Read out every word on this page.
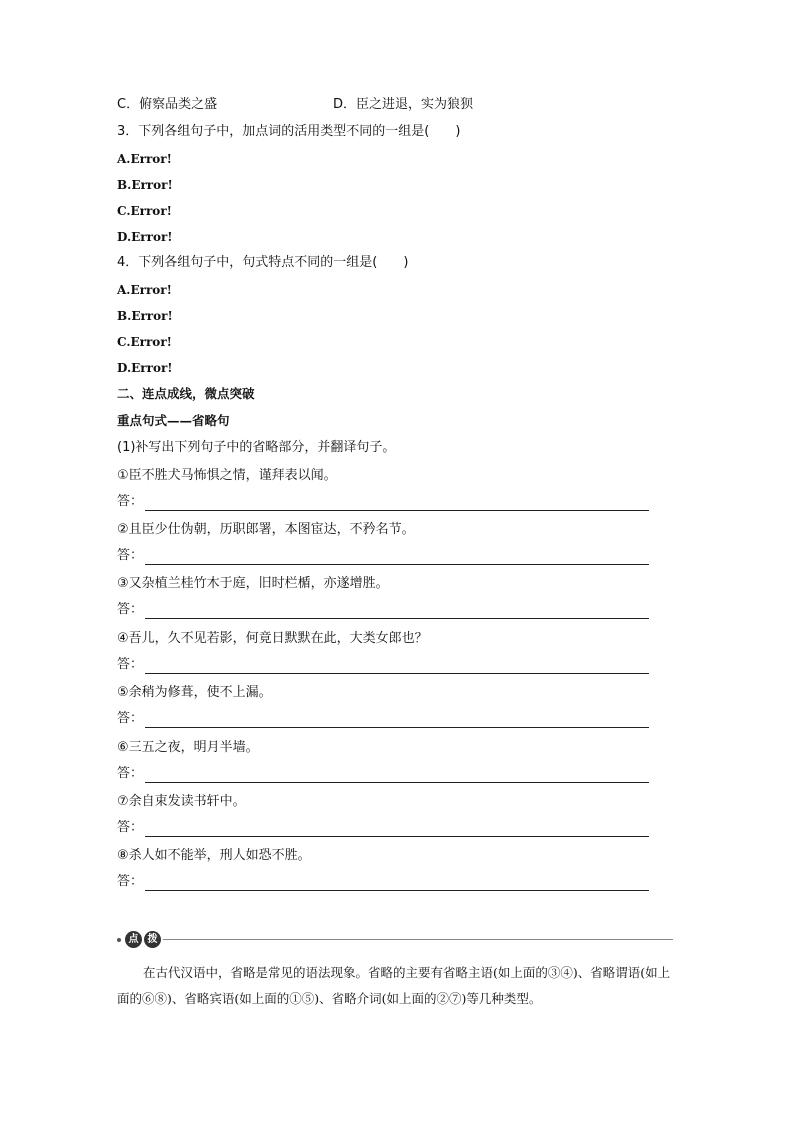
C．俯察品类之盛	D．臣之进退，实为狼狈
3．下列各组句子中，加点词的活用类型不同的一组是(　　)
A.Error!
B.Error!
C.Error!
D.Error!
4．下列各组句子中，句式特点不同的一组是(　　)
A.Error!
B.Error!
C.Error!
D.Error!
二、连点成线，微点突破
重点句式——省略句
(1)补写出下列句子中的省略部分，并翻译句子。
①臣不胜犬马怖惧之情，谨拜表以闻。
答：
②且臣少仕伪朝，历职郎署，本图宦达，不矜名节。
答：
③又杂植兰桂竹木于庭，旧时栏楯，亦遂增胜。
答：
④吾儿，久不见若影，何竟日默默在此，大类女郎也？
答：
⑤余稍为修葺，使不上漏。
答：
⑥三五之夜，明月半墙。
答：
⑦余自束发读书轩中。
答：
⑧杀人如不能举，刑人如恐不胜。
答：
点 拨
在古代汉语中，省略是常见的语法现象。省略的主要有省略主语(如上面的③④)、省略谓语(如上面的⑥⑧)、省略宾语(如上面的①⑤)、省略介词(如上面的②⑦)等几种类型。
